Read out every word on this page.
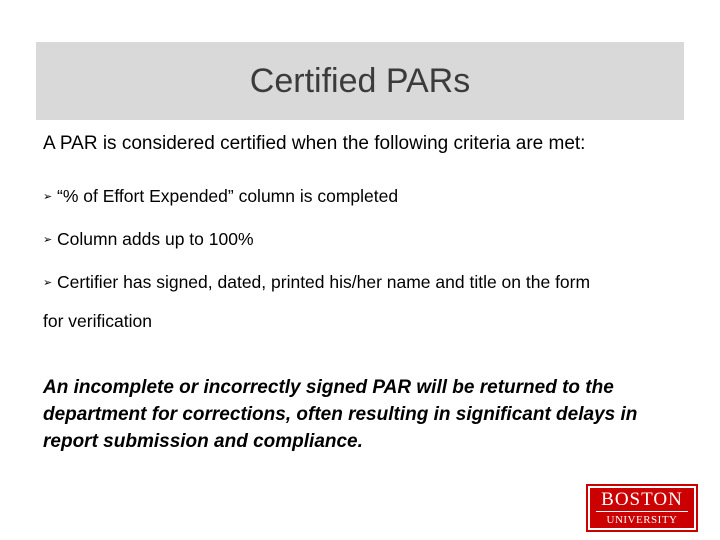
Certified PARs
A PAR is considered certified when the following criteria are met:
➢ “% of Effort Expended” column is completed
➢ Column adds up to 100%
➢ Certifier has signed, dated, printed his/her name and title on the form
for verification
An incomplete or incorrectly signed PAR will be returned to the department for corrections, often resulting in significant delays in report submission and compliance.
BOSTON
UNIVERSITY
